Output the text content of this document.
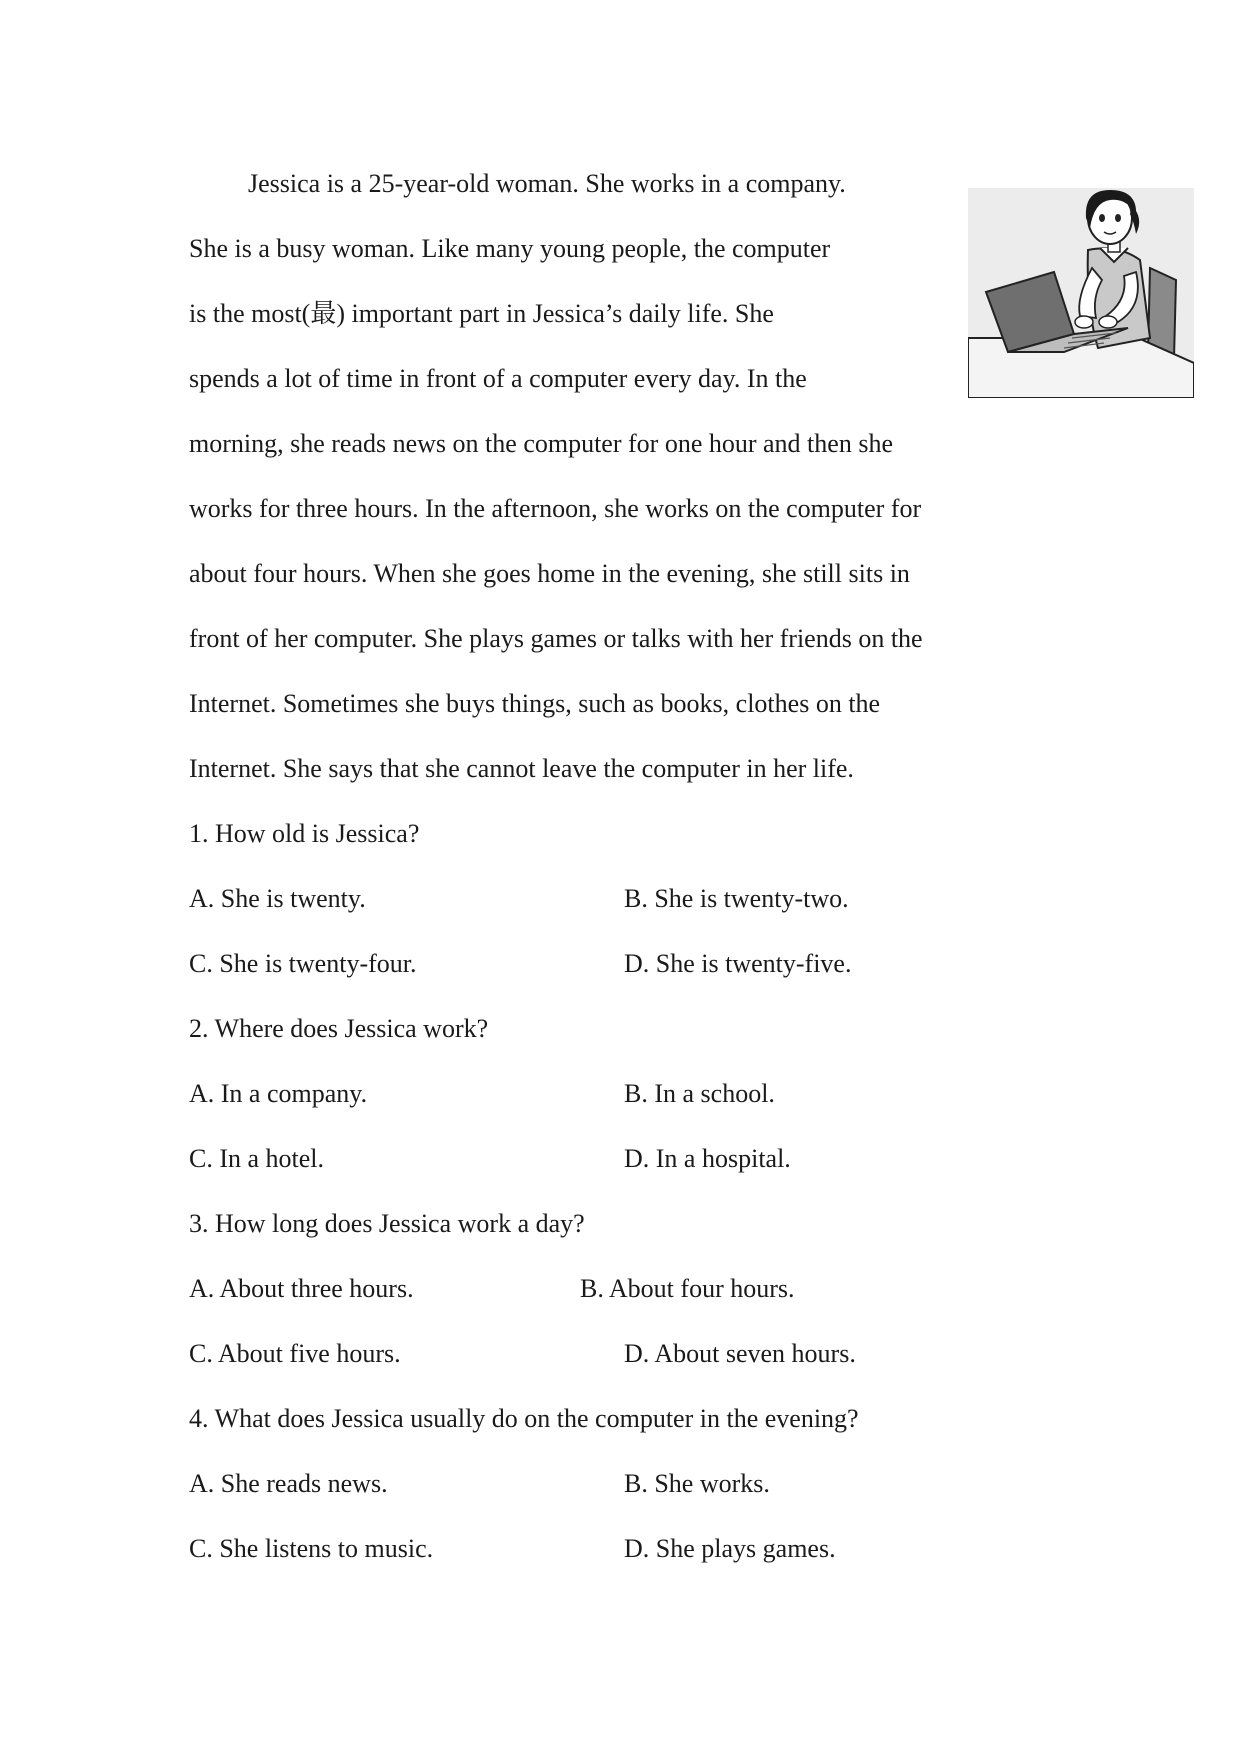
Jessica is a 25-year-old woman. She works in a company.
She is a busy woman. Like many young people, the computer
is the most(最) important part in Jessica’s daily life. She
spends a lot of time in front of a computer every day. In the
morning, she reads news on the computer for one hour and then she
works for three hours. In the afternoon, she works on the computer for
about four hours. When she goes home in the evening, she still sits in
front of her computer. She plays games or talks with her friends on the
Internet. Sometimes she buys things, such as books, clothes on the
Internet. She says that she cannot leave the computer in her life.
1. How old is Jessica?
A. She is twenty.	B. She is twenty-two.
C. She is twenty-four.	D. She is twenty-five.
2. Where does Jessica work?
A. In a company.	B. In a school.
C. In a hotel.	D. In a hospital.
3. How long does Jessica work a day?
A. About three hours.	B. About four hours.
C. About five hours.	D. About seven hours.
4. What does Jessica usually do on the computer in the evening?
A. She reads news.	B. She works.
C. She listens to music.	D. She plays games.
